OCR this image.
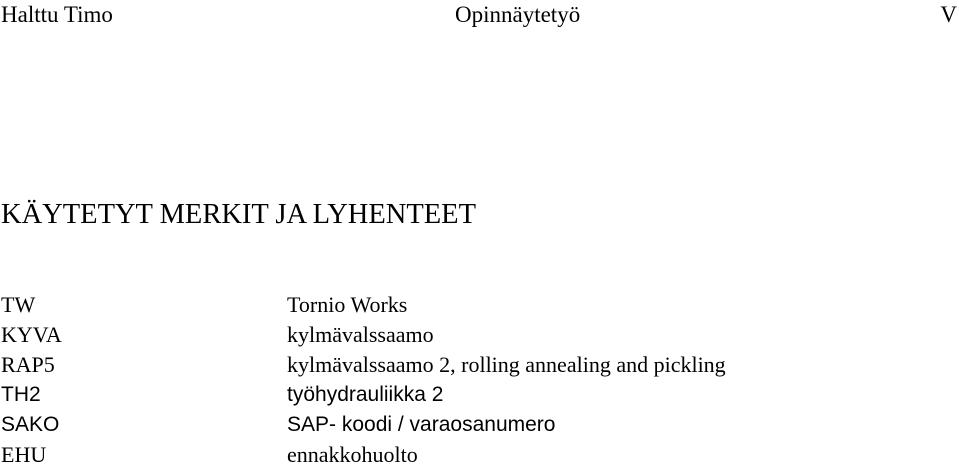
Halttu Timo	Opinnäytetyö	V
KÄYTETYT MERKIT JA LYHENTEET
TW	Tornio Works
KYVA	kylmävalssaamo
RAP5	kylmävalssaamo 2, rolling annealing and pickling
TH2	työhydrauliikka 2
SAKO	SAP- koodi / varaosanumero
EHU	ennakkohuolto
